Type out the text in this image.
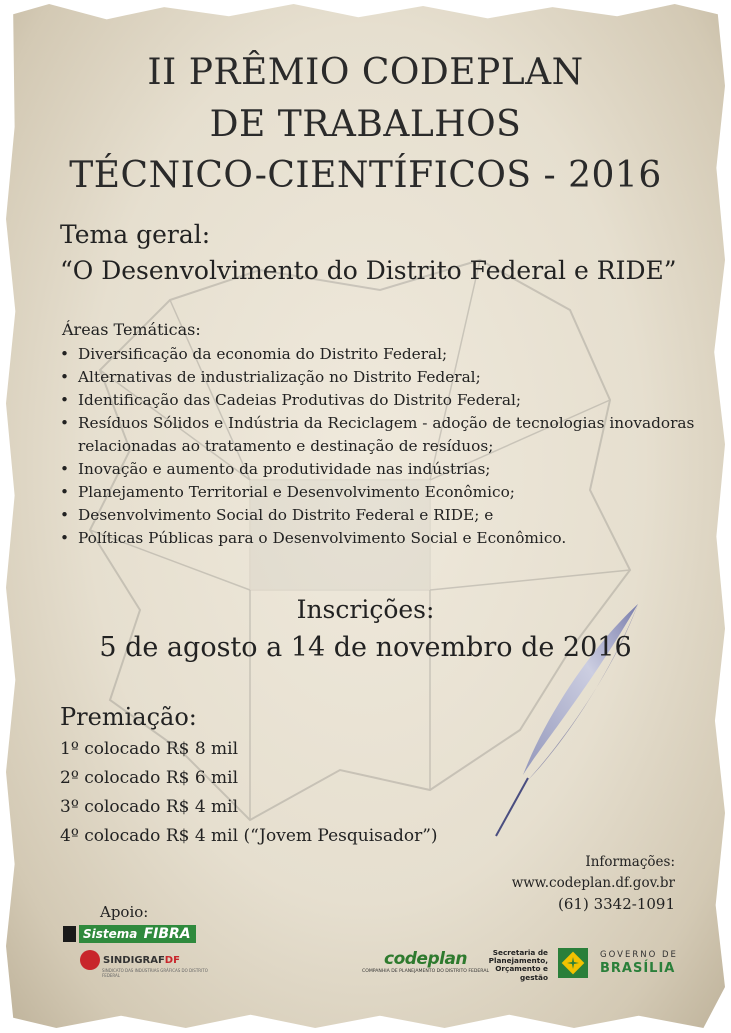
II PRÊMIO CODEPLAN
DE TRABALHOS
TÉCNICO-CIENTÍFICOS - 2016
Tema geral:
“O Desenvolvimento do Distrito Federal e RIDE”
Áreas Temáticas:
• Diversificação da economia do Distrito Federal;
• Alternativas de industrialização no Distrito Federal;
• Identificação das Cadeias Produtivas do Distrito Federal;
• Resíduos Sólidos e Indústria da Reciclagem - adoção de tecnologias inovadoras relacionadas ao tratamento e destinação de resíduos;
• Inovação e aumento da produtividade nas indústrias;
• Planejamento Territorial e Desenvolvimento Econômico;
• Desenvolvimento Social do Distrito Federal e RIDE; e
• Políticas Públicas para o Desenvolvimento Social e Econômico.
Inscrições:
5 de agosto a 14 de novembro de 2016
Premiação:
1º colocado R$ 8 mil
2º colocado R$ 6 mil
3º colocado R$ 4 mil
4º colocado R$ 4 mil (“Jovem Pesquisador”)
Informações:
www.codeplan.df.gov.br
(61) 3342-1091
Apoio:
Sistema FIBRA
SINDIGRAFDF
SINDICATO DAS INDÚSTRIAS GRÁFICAS DO DISTRITO FEDERAL
codeplan
COMPANHIA DE PLANEJAMENTO DO DISTRITO FEDERAL
Secretaria de
Planejamento,
Orçamento e gestão
GOVERNO DE
BRASÍLIA
